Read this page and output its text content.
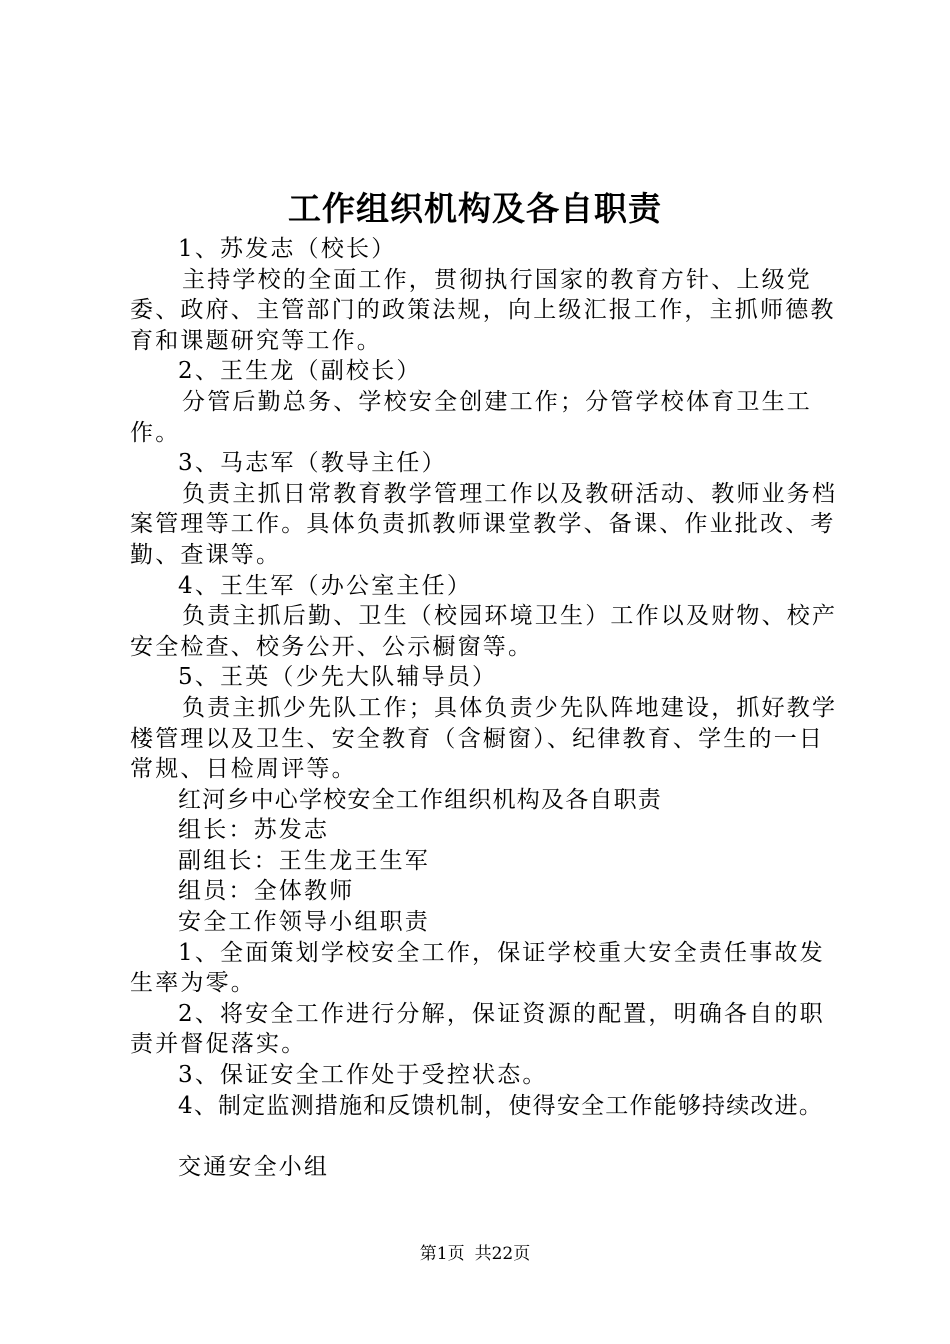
工作组织机构及各自职责

1、苏发志（校长）

主持学校的全面工作，贯彻执行国家的教育方针、上级党委、政府、主管部门的政策法规，向上级汇报工作，主抓师德教育和课题研究等工作。

2、王生龙（副校长）

分管后勤总务、学校安全创建工作；分管学校体育卫生工作。

3、马志军（教导主任）

负责主抓日常教育教学管理工作以及教研活动、教师业务档案管理等工作。具体负责抓教师课堂教学、备课、作业批改、考勤、查课等。

4、王生军（办公室主任）

负责主抓后勤、卫生（校园环境卫生）工作以及财物、校产安全检查、校务公开、公示橱窗等。

5、王英（少先大队辅导员）

负责主抓少先队工作；具体负责少先队阵地建设，抓好教学楼管理以及卫生、安全教育（含橱窗）、纪律教育、学生的一日常规、日检周评等。

红河乡中心学校安全工作组织机构及各自职责

组长：苏发志

副组长：王生龙王生军

组员：全体教师

安全工作领导小组职责

1、全面策划学校安全工作，保证学校重大安全责任事故发生率为零。

2、将安全工作进行分解，保证资源的配置，明确各自的职责并督促落实。

3、保证安全工作处于受控状态。

4、制定监测措施和反馈机制，使得安全工作能够持续改进。

交通安全小组

第1页 共22页
